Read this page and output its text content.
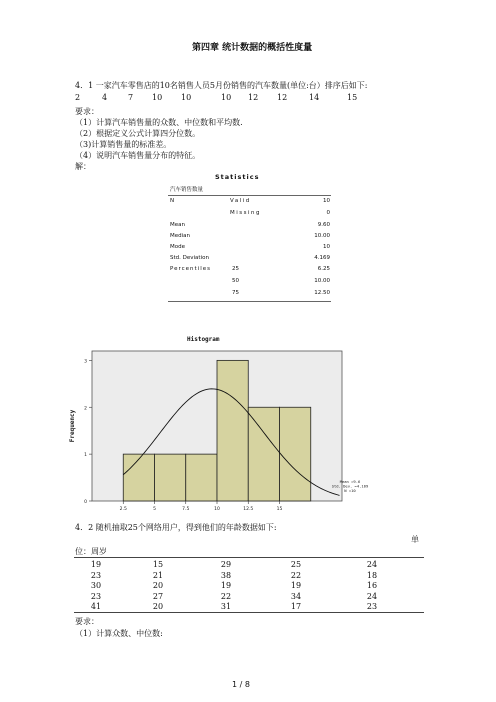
第四章 统计数据的概括性度量
4．1 一家汽车零售店的10名销售人员5月份销售的汽车数量(单位:台）排序后如下:
2	4	7 10 10	10 12 12	14	15
要求：
（1）计算汽车销售量的众数、中位数和平均数.
（2）根据定义公式计算四分位数。
（3)计算销售量的标准差。
（4）说明汽车销售量分布的特征。
解：
Statistics
汽车销售数量
N	Valid	10
Missing	0
Mean	9.60
Median	10.00
Mode	10
Std. Deviation	4.169
Percentiles	25	6.25
50	10.00
75	12.50
Histogram
0
1
2
3
2.5	5	7.5	10	12.5	15
Frequency
Mean =9.6
Std. Dev. =4.169
N =10
4．2 随机抽取25个网络用户，得到他们的年龄数据如下:
单
位：周岁
19	15	29	25	24
23	21	38	22	18
30	20	19	19	16
23	27	22	34	24
41	20	31	17	23
要求：
（1）计算众数、中位数:
1 / 8
